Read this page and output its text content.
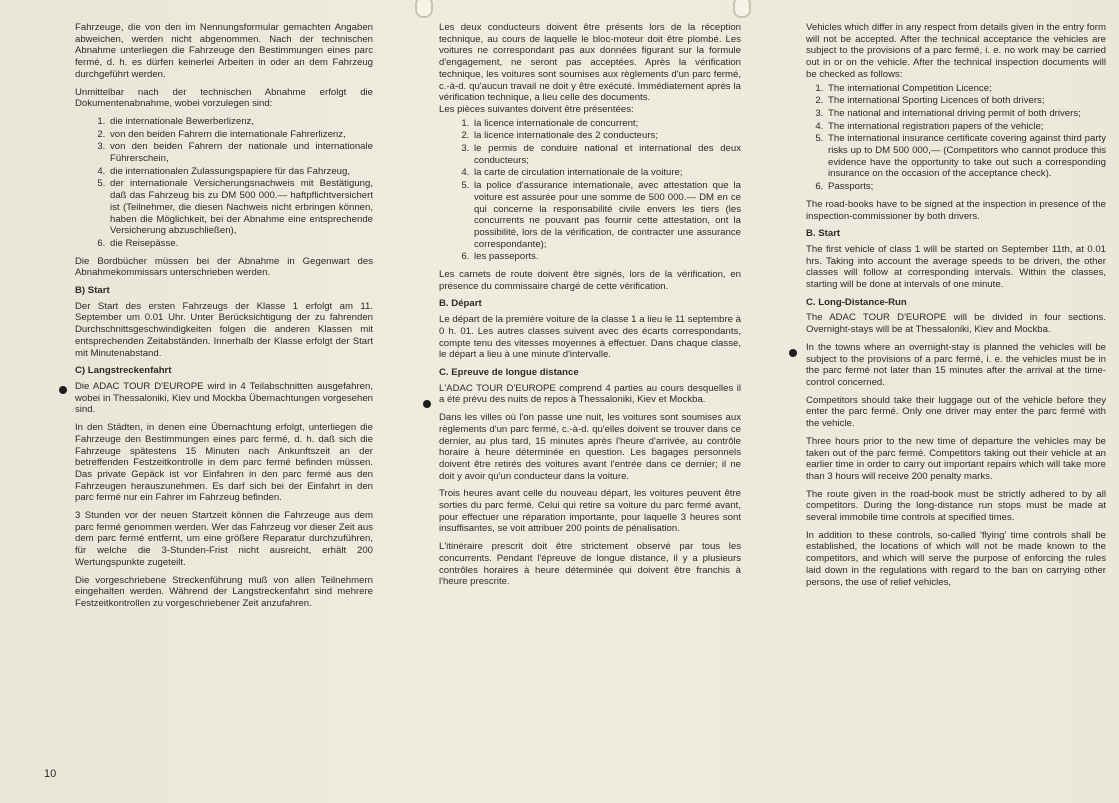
Fahrzeuge, die von den im Nennungsformular gemachten Angaben abweichen, werden nicht abgenommen. Nach der technischen Abnahme unterliegen die Fahrzeuge den Bestimmungen eines parc fermé, d. h. es dürfen keinerlei Arbeiten in oder an dem Fahrzeug durchgeführt werden.

Unmittelbar nach der technischen Abnahme erfolgt die Dokumentenabnahme, wobei vorzulegen sind:

1. die internationale Bewerberlizenz,
2. von den beiden Fahrern die internationale Fahrerlizenz,
3. von den beiden Fahrern der nationale und internationale Führerschein,
4. die internationalen Zulassungspapiere für das Fahrzeug,
5. der internationale Versicherungsnachweis mit Bestätigung, daß das Fahrzeug bis zu DM 500 000.— haftpflichtversichert ist (Teilnehmer, die diesen Nachweis nicht erbringen können, haben die Möglichkeit, bei der Abnahme eine entsprechende Versicherung abzuschließen),
6. die Reisepässe.

Die Bordbücher müssen bei der Abnahme in Gegenwart des Abnahmekommissars unterschrieben werden.

B) Start

Der Start des ersten Fahrzeugs der Klasse 1 erfolgt am 11. September um 0.01 Uhr. Unter Berücksichtigung der zu fahrenden Durchschnittsgeschwindigkeiten folgen die anderen Klassen mit entsprechenden Zeitabständen. Innerhalb der Klasse erfolgt der Start mit Minutenabstand.

C) Langstreckenfahrt

Die ADAC TOUR D'EUROPE wird in 4 Teilabschnitten ausgefahren, wobei in Thessaloniki, Kiev und Mockba Übernachtungen vorgesehen sind.

In den Städten, in denen eine Übernachtung erfolgt, unterliegen die Fahrzeuge den Bestimmungen eines parc fermé, d. h. daß sich die Fahrzeuge spätestens 15 Minuten nach Ankunftszeit an der betreffenden Festzeitkontrolle in dem parc fermé befinden müssen. Das private Gepäck ist vor Einfahren in den parc fermé aus den Fahrzeugen herauszunehmen. Es darf sich bei der Einfahrt in den parc fermé nur ein Fahrer im Fahrzeug befinden.

3 Stunden vor der neuen Startzeit können die Fahrzeuge aus dem parc fermé genommen werden. Wer das Fahrzeug vor dieser Zeit aus dem parc fermé entfernt, um eine größere Reparatur durchzuführen, für welche die 3-Stunden-Frist nicht ausreicht, erhält 200 Wertungspunkte zugeteilt.

Die vorgeschriebene Streckenführung muß von allen Teilnehmern eingehalten werden. Während der Langstreckenfahrt sind mehrere Festzeitkontrollen zu vorgeschriebener Zeit anzufahren.

Les deux conducteurs doivent être présents lors de la réception technique, au cours de laquelle le bloc-moteur doit être plombé. Les voitures ne correspondant pas aux données figurant sur la formule d'engagement, ne seront pas acceptées. Après la vérification technique, les voitures sont soumises aux règlements d'un parc fermé, c.-à-d. qu'aucun travail ne doit y être exécuté. Immédiatement après la vérification technique, a lieu celle des documents.

Les pièces suivantes doivent être présentées:

1. la licence internationale de concurrent;
2. la licence internationale des 2 conducteurs;
3. le permis de conduire national et international des deux conducteurs;
4. la carte de circulation internationale de la voiture;
5. la police d'assurance internationale, avec attestation que la voiture est assurée pour une somme de 500 000.— DM en ce qui concerne la responsabilité civile envers les tiers (les concurrents ne pouvant pas fournir cette attestation, ont la possibilité, lors de la vérification, de contracter une assurance correspondante);
6. les passeports.

Les carnets de route doivent être signés, lors de la vérification, en présence du commissaire chargé de cette vérification.

B. Départ

Le départ de la première voiture de la classe 1 a lieu le 11 septembre à 0 h. 01. Les autres classes suivent avec des écarts correspondants, compte tenu des vitesses moyennes à effectuer. Dans chaque classe, le départ a lieu à une minute d'intervalle.

C. Epreuve de longue distance

L'ADAC TOUR D'EUROPE comprend 4 parties au cours desquelles il a été prévu des nuits de repos à Thessaloniki, Kiev et Mockba.

Dans les villes où l'on passe une nuit, les voitures sont soumises aux règlements d'un parc fermé, c.-à-d. qu'elles doivent se trouver dans ce dernier, au plus tard, 15 minutes après l'heure d'arrivée, au contrôle horaire à heure déterminée en question. Les bagages personnels doivent être retirés des voitures avant l'entrée dans ce dernier; il ne doit y avoir qu'un conducteur dans la voiture.

Trois heures avant celle du nouveau départ, les voitures peuvent être sorties du parc fermé. Celui qui retire sa voiture du parc fermé avant, pour effectuer une réparation importante, pour laquelle 3 heures sont insuffisantes, se voit attribuer 200 points de pénalisation.

L'itinéraire prescrit doit être strictement observé par tous les concurrents. Pendant l'épreuve de longue distance, il y a plusieurs contrôles horaires à heure déterminée qui doivent être franchis à l'heure prescrite.

Vehicles which differ in any respect from details given in the entry form will not be accepted. After the technical acceptance the vehicles are subject to the provisions of a parc fermé, i. e. no work may be carried out in or on the vehicle. After the technical inspection documents will be checked as follows:

1. The international Competition Licence;
2. The international Sporting Licences of both drivers;
3. The national and international driving permit of both drivers;
4. The international registration papers of the vehicle;
5. The international insurance certificate covering against third party risks up to DM 500 000,— (Competitors who cannot produce this evidence have the opportunity to take out such a corresponding insurance on the occasion of the acceptance check).
6. Passports;

The road-books have to be signed at the inspection in presence of the inspection-commissioner by both drivers.

B. Start

The first vehicle of class 1 will be started on September 11th, at 0.01 hrs. Taking into account the average speeds to be driven, the other classes will follow at corresponding intervals. Within the classes, starting will be done at intervals of one minute.

C. Long-Distance-Run

The ADAC TOUR D'EUROPE will be divided in four sections. Overnight-stays will be at Thessaloniki, Kiev and Mockba.

In the towns where an overnight-stay is planned the vehicles will be subject to the provisions of a parc fermé, i. e. the vehicles must be in the parc fermé not later than 15 minutes after the arrival at the time-control concerned.

Competitors should take their luggage out of the vehicle before they enter the parc fermé. Only one driver may enter the parc fermé with the vehicle.

Three hours prior to the new time of departure the vehicles may be taken out of the parc fermé. Competitors taking out their vehicle at an earlier time in order to carry out important repairs which will take more than 3 hours will receive 200 penalty marks.

The route given in the road-book must be strictly adhered to by all competitors. During the long-distance run stops must be made at several immobile time controls at specified times.

In addition to these controls, so-called 'flying' time controls shall be established, the locations of which will not be made known to the competitors, and which will serve the purpose of enforcing the rules laid down in the regulations with regard to the ban on carrying other persons, the use of relief vehicles,

10
